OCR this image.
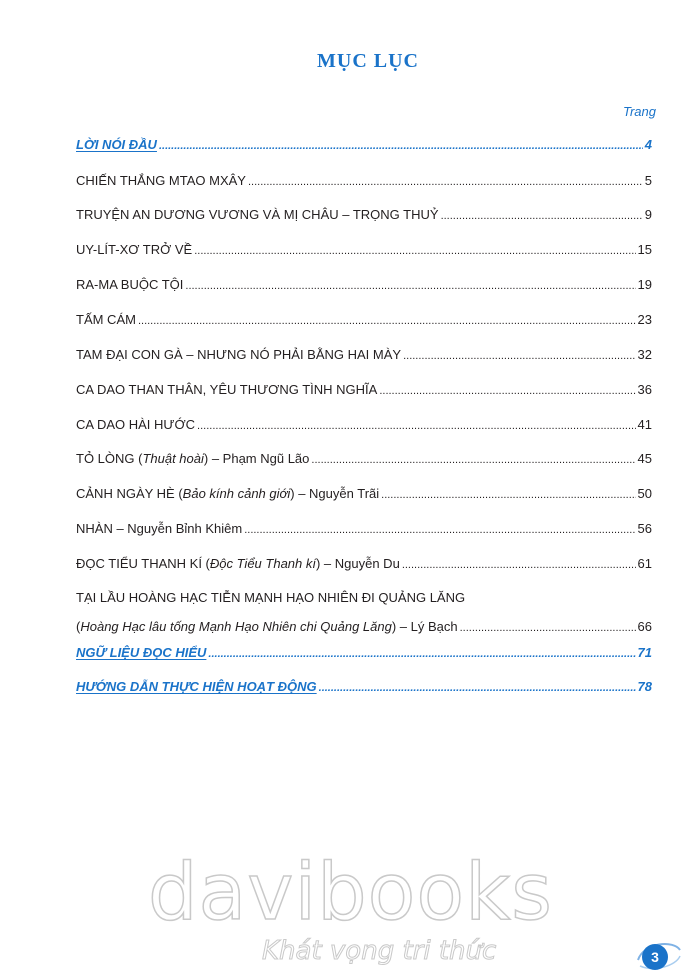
MỤC LỤC
Trang
LỜI NÓI ĐẦU .....	4
CHIẾN THẮNG MTAO MXÂY .....	5
TRUYỆN AN DƯƠNG VƯƠNG VÀ MỊ CHÂU – TRỌNG THUỶ .....	9
UY-LÍT-XƠ TRỞ VỀ .....	15
RA-MA BUỘC TỘI .....	19
TẤM CÁM .....	23
TAM ĐẠI CON GÀ – NHƯNG NÓ PHẢI BẰNG HAI MÀY .....	32
CA DAO THAN THÂN, YÊU THƯƠNG TÌNH NGHĨA .....	36
CA DAO HÀI HƯỚC .....	41
TỎ LÒNG (Thuật hoài) – Phạm Ngũ Lão .....	45
CẢNH NGÀY HÈ (Bảo kính cảnh giới) – Nguyễn Trãi .....	50
NHÀN – Nguyễn Bỉnh Khiêm .....	56
ĐỌC TIỂU THANH KÍ (Độc Tiểu Thanh kí) – Nguyễn Du .....	61
TẠI LẦU HOÀNG HẠC TIỄN MẠNH HẠO NHIÊN ĐI QUẢNG LĂNG
(Hoàng Hạc lâu tống Mạnh Hạo Nhiên chi Quảng Lăng) – Lý Bạch .....	66
NGỮ LIỆU ĐỌC HIỂU .....	71
HƯỚNG DẪN THỰC HIỆN HOẠT ĐỘNG .....	78
davibooks
Khát vọng tri thức	3
